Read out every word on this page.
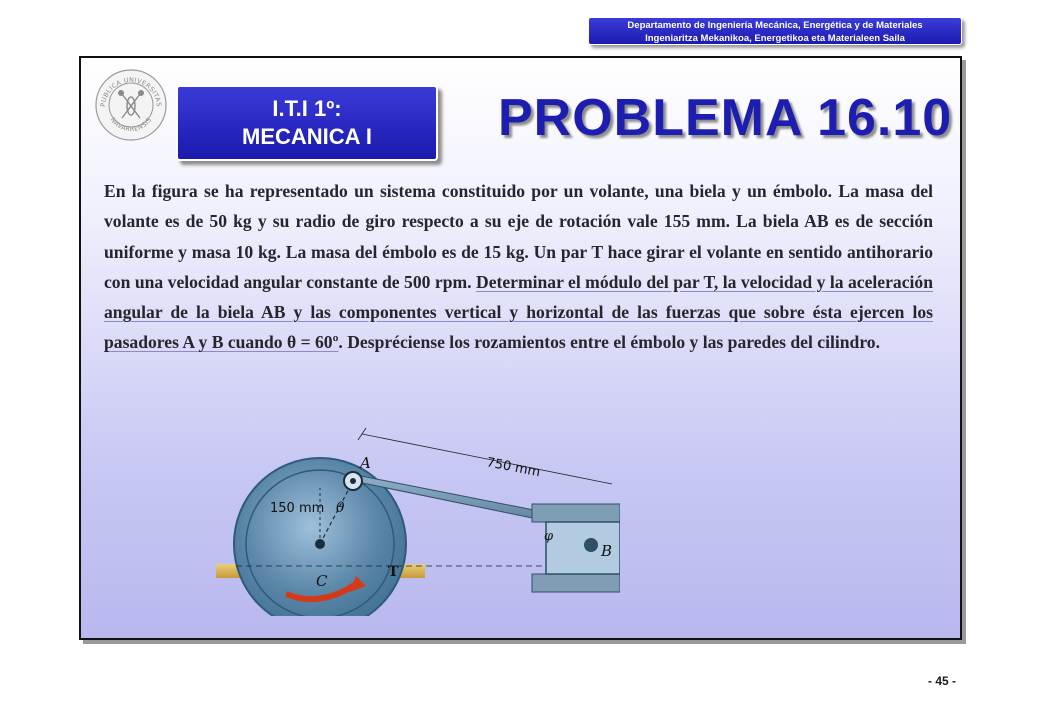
Departamento de Ingeniería Mecánica, Energética y de Materiales
Ingeniaritza Mekanikoa, Energetikoa eta Materialeen Saila
PUBLICA UNIVERSITAS
NAVARRENSIS	I.T.I 1º:
MECANICA I	PROBLEMA 16.10

En la figura se ha representado un sistema constituido por un volante, una biela y un émbolo. La masa del volante es de 50 kg y su radio de giro respecto a su eje de rotación vale 155 mm. La biela AB es de sección uniforme y masa 10 kg. La masa del émbolo es de 15 kg. Un par T hace girar el volante en sentido antihorario con una velocidad angular constante de 500 rpm. Determinar el módulo del par T, la velocidad y la aceleración angular de la biela AB y las componentes vertical y horizontal de las fuerzas que sobre ésta ejercen los pasadores A y B cuando θ = 60º. Despréciense los rozamientos entre el émbolo y las paredes del cilindro.

A
B
C
θ
φ
T
150 mm
750 mm
- 45 -
